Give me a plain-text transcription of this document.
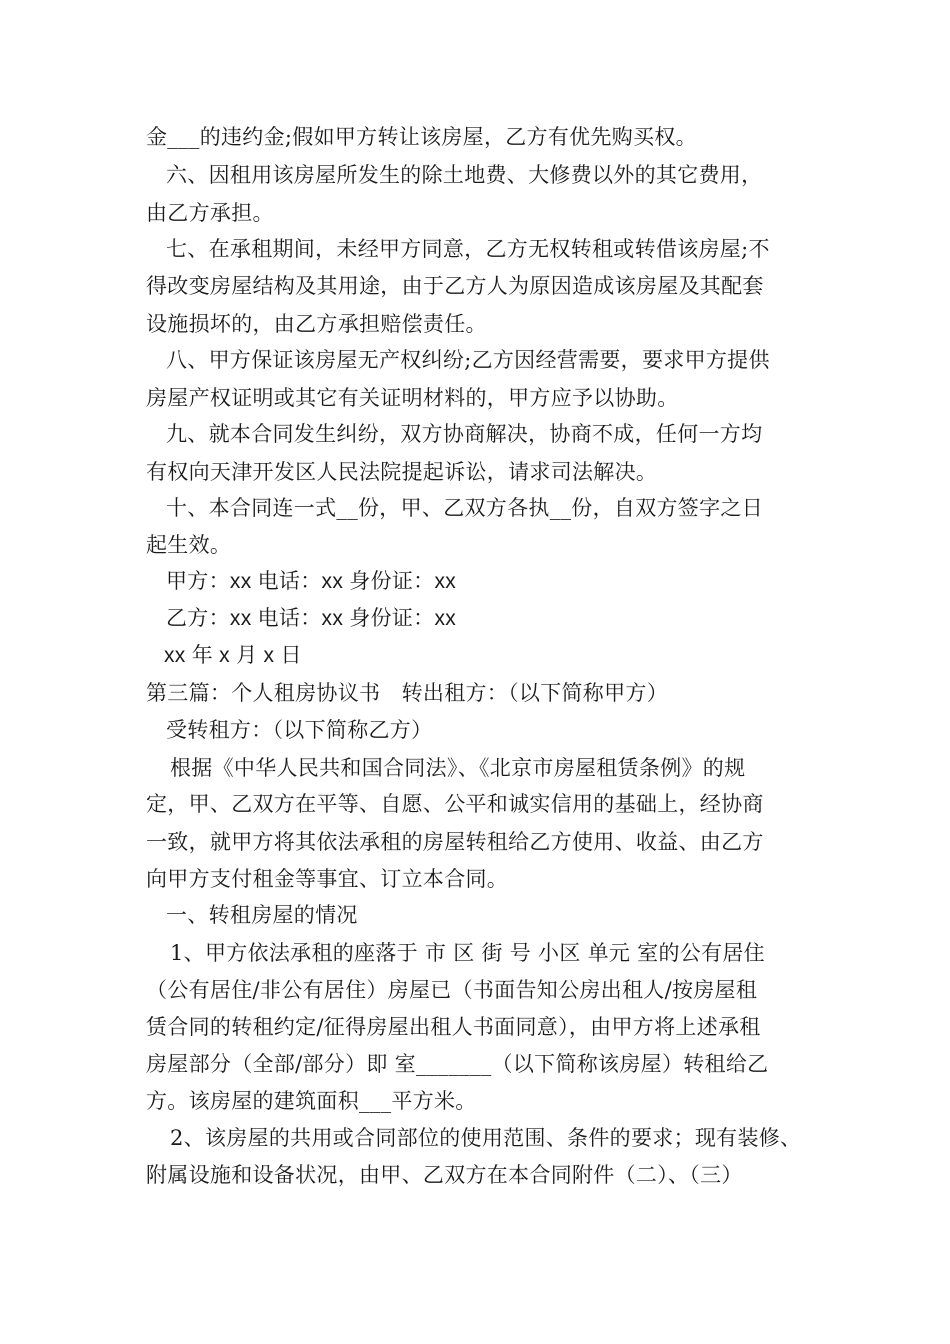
金___的违约金;假如甲方转让该房屋，乙方有优先购买权。
六、因租用该房屋所发生的除土地费、大修费以外的其它费用，
由乙方承担。
七、在承租期间，未经甲方同意，乙方无权转租或转借该房屋;不
得改变房屋结构及其用途，由于乙方人为原因造成该房屋及其配套
设施损坏的，由乙方承担赔偿责任。
八、甲方保证该房屋无产权纠纷;乙方因经营需要，要求甲方提供
房屋产权证明或其它有关证明材料的，甲方应予以协助。
九、就本合同发生纠纷，双方协商解决，协商不成，任何一方均
有权向天津开发区人民法院提起诉讼，请求司法解决。
十、本合同连一式__份，甲、乙双方各执__份，自双方签字之日
起生效。
甲方：xx 电话：xx 身份证：xx
乙方：xx 电话：xx 身份证：xx
xx 年 x 月 x 日
第三篇：个人租房协议书　转出租方：（以下简称甲方）
受转租方：（以下简称乙方）
根据《中华人民共和国合同法》、《北京市房屋租赁条例》的规
定，甲、乙双方在平等、自愿、公平和诚实信用的基础上，经协商
一致，就甲方将其依法承租的房屋转租给乙方使用、收益、由乙方
向甲方支付租金等事宜、订立本合同。
一、转租房屋的情况
1、甲方依法承租的座落于 市 区 街 号 小区 单元 室的公有居住
（公有居住/非公有居住）房屋已（书面告知公房出租人/按房屋租
赁合同的转租约定/征得房屋出租人书面同意），由甲方将上述承租
房屋部分（全部/部分）即 室_______（以下简称该房屋）转租给乙
方。该房屋的建筑面积___平方米。
2、该房屋的共用或合同部位的使用范围、条件的要求；现有装修、
附属设施和设备状况，由甲、乙双方在本合同附件（二）、（三）
